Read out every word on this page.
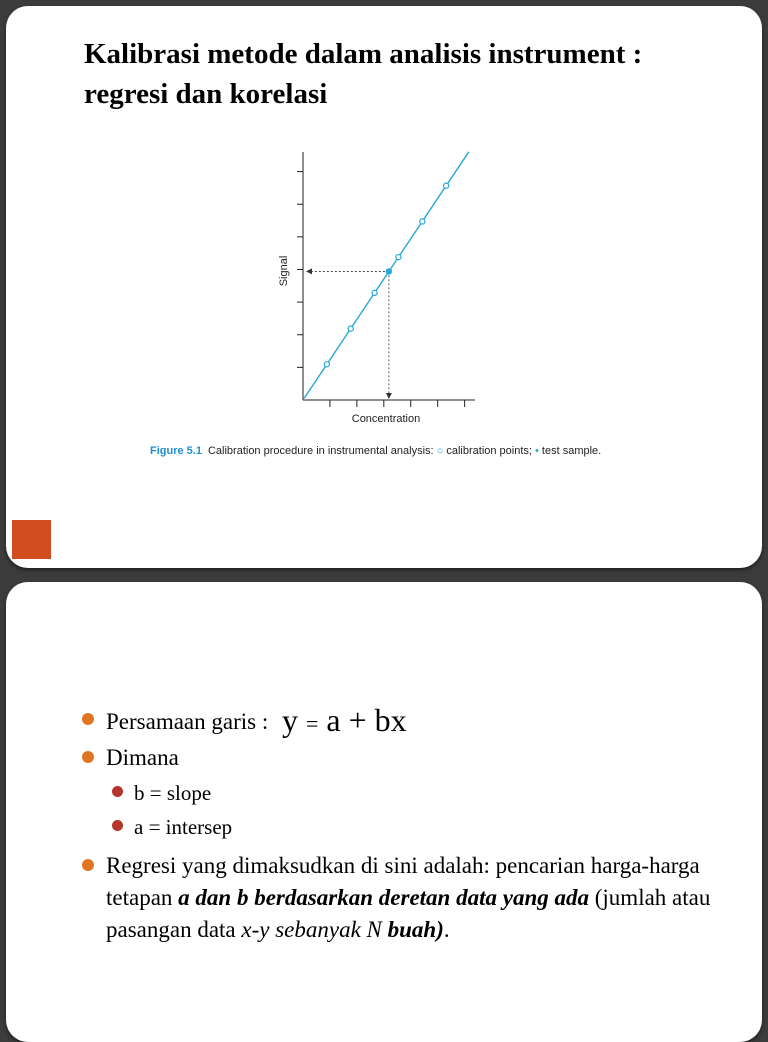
Kalibrasi metode dalam analisis instrument : regresi dan korelasi
Signal
Concentration
Figure 5.1 Calibration procedure in instrumental analysis: ○ calibration points; • test sample.
Persamaan garis : y = a + bx
Dimana
b = slope
a = intersep
Regresi yang dimaksudkan di sini adalah: pencarian harga-harga tetapan a dan b berdasarkan deretan data yang ada (jumlah atau pasangan data x-y sebanyak N buah).
